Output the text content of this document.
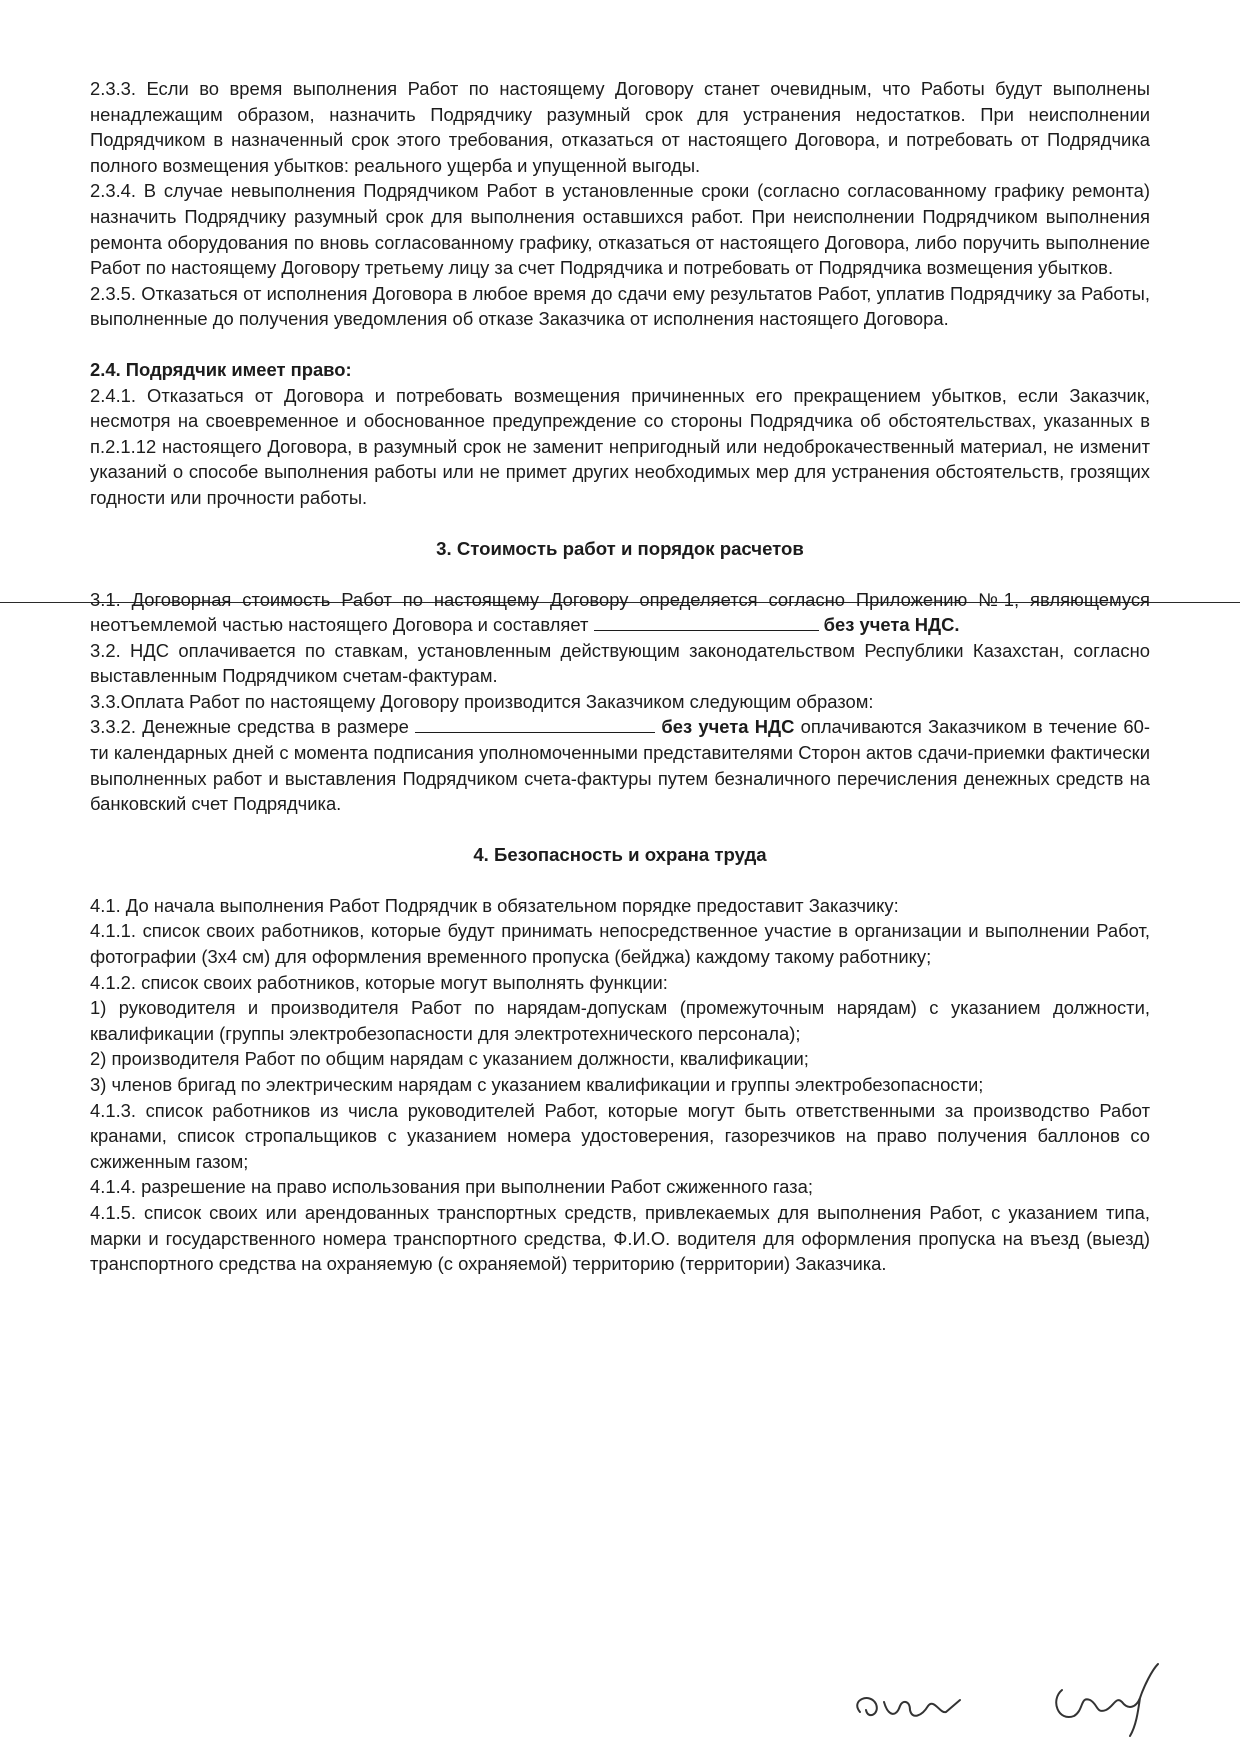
2.3.3. Если во время выполнения Работ по настоящему Договору станет очевидным, что Работы будут выполнены ненадлежащим образом, назначить Подрядчику разумный срок для устранения недостатков. При неисполнении Подрядчиком в назначенный срок этого требования, отказаться от настоящего Договора, и потребовать от Подрядчика полного возмещения убытков: реального ущерба и упущенной выгоды.

2.3.4. В случае невыполнения Подрядчиком Работ в установленные сроки (согласно согласованному графику ремонта) назначить Подрядчику разумный срок для выполнения оставшихся работ. При неисполнении Подрядчиком выполнения ремонта оборудования по вновь согласованному графику, отказаться от настоящего Договора, либо поручить выполнение Работ по настоящему Договору третьему лицу за счет Подрядчика и потребовать от Подрядчика возмещения убытков.

2.3.5. Отказаться от исполнения Договора в любое время до сдачи ему результатов Работ, уплатив Подрядчику за Работы, выполненные до получения уведомления об отказе Заказчика от исполнения настоящего Договора.

2.4. Подрядчик имеет право:

2.4.1. Отказаться от Договора и потребовать возмещения причиненных его прекращением убытков, если Заказчик, несмотря на своевременное и обоснованное предупреждение со стороны Подрядчика об обстоятельствах, указанных в п.2.1.12 настоящего Договора, в разумный срок не заменит непригодный или недоброкачественный материал, не изменит указаний о способе выполнения работы или не примет других необходимых мер для устранения обстоятельств, грозящих годности или прочности работы.

3. Стоимость работ и порядок расчетов

3.1. Договорная стоимость Работ по настоящему Договору определяется согласно Приложению №1, являющемуся неотъемлемой частью настоящего Договора и составляет	без учета НДС.

3.2. НДС оплачивается по ставкам, установленным действующим законодательством Республики Казахстан, согласно выставленным Подрядчиком счетам-фактурам.

3.3.Оплата Работ по настоящему Договору производится Заказчиком следующим образом:

3.3.2. Денежные средства в размере	без учета НДС оплачиваются Заказчиком в течение 60-ти календарных дней с момента подписания уполномоченными представителями Сторон актов сдачи-приемки фактически выполненных работ и выставления Подрядчиком счета-фактуры путем безналичного перечисления денежных средств на банковский счет Подрядчика.

4. Безопасность и охрана труда

4.1. До начала выполнения Работ Подрядчик в обязательном порядке предоставит Заказчику:

4.1.1. список своих работников, которые будут принимать непосредственное участие в организации и выполнении Работ, фотографии (3х4 см) для оформления временного пропуска (бейджа) каждому такому работнику;

4.1.2. список своих работников, которые могут выполнять функции:

1) руководителя и производителя Работ по нарядам-допускам (промежуточным нарядам) с указанием должности, квалификации (группы электробезопасности для электротехнического персонала);

2) производителя Работ по общим нарядам с указанием должности, квалификации;

3) членов бригад по электрическим нарядам с указанием квалификации и группы электробезопасности;

4.1.3. список работников из числа руководителей Работ, которые могут быть ответственными за производство Работ кранами, список стропальщиков с указанием номера удостоверения, газорезчиков на право получения баллонов со сжиженным газом;

4.1.4. разрешение на право использования при выполнении Работ сжиженного газа;

4.1.5. список своих или арендованных транспортных средств, привлекаемых для выполнения Работ, с указанием типа, марки и государственного номера транспортного средства, Ф.И.О. водителя для оформления пропуска на въезд (выезд) транспортного средства на охраняемую (с охраняемой) территорию (территории) Заказчика.
